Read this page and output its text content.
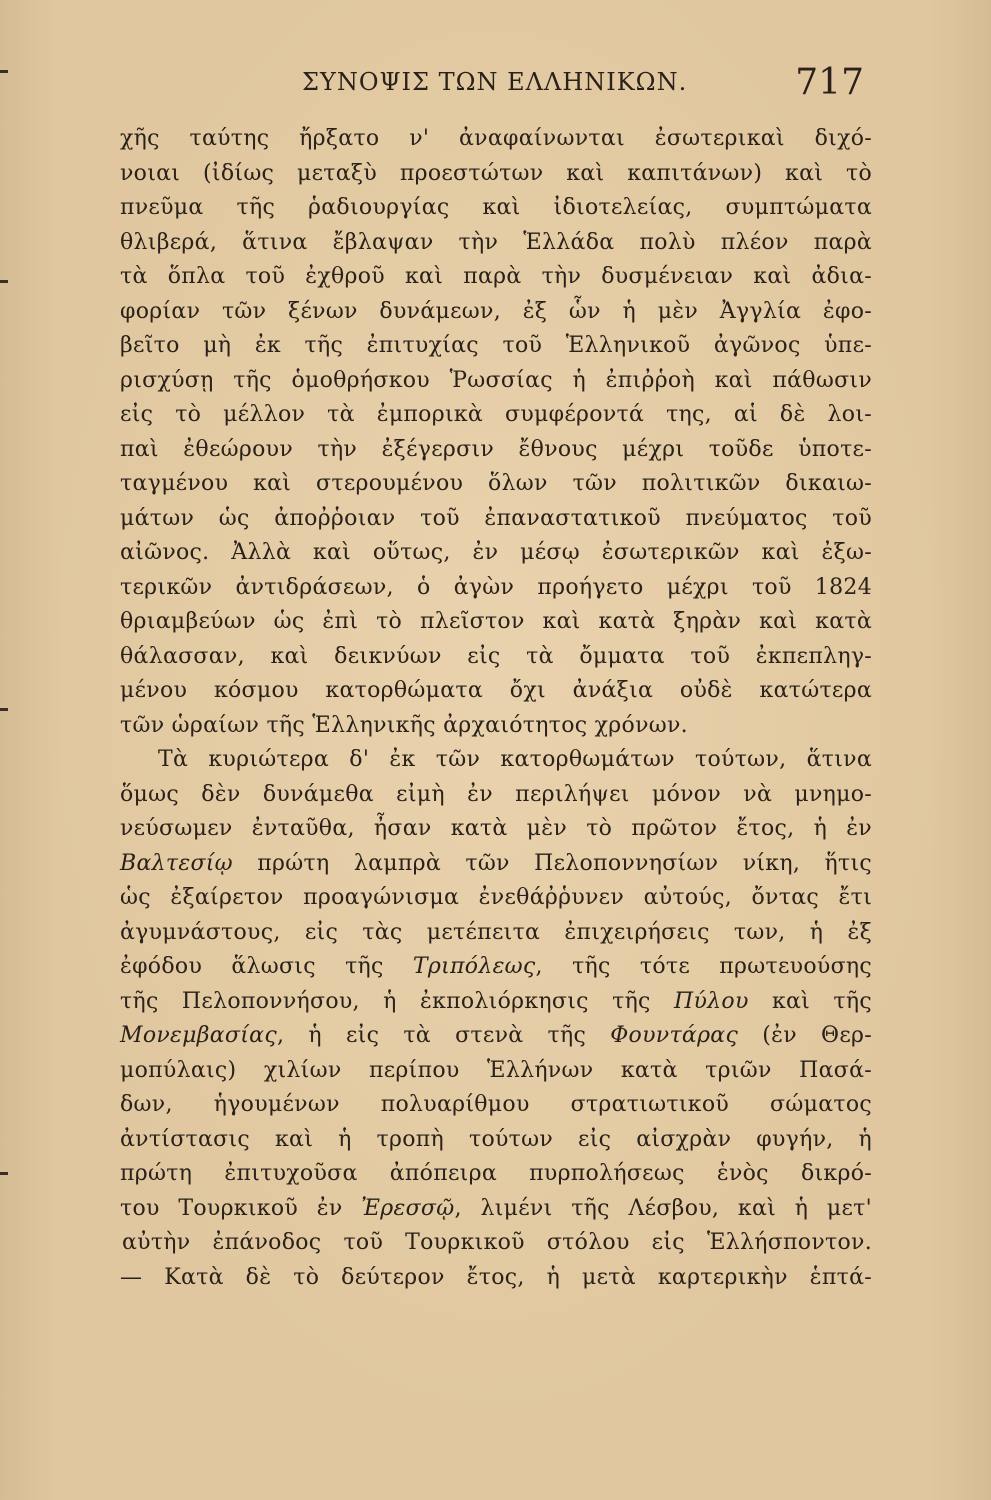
ΣΥΝΟΨΙΣ ΤΩΝ ΕΛΛΗΝΙΚΩΝ.	717
χῆς ταύτης ἤρξατο ν' ἀναφαίνωνται ἐσωτερικαὶ διχό-
νοιαι (ἰδίως μεταξὺ προεστώτων καὶ καπιτάνων) καὶ τὸ
πνεῦμα τῆς ῥαδιουργίας καὶ ἰδιοτελείας, συμπτώματα
θλιβερά, ἅτινα ἔβλαψαν τὴν Ἑλλάδα πολὺ πλέον παρὰ
τὰ ὅπλα τοῦ ἐχθροῦ καὶ παρὰ τὴν δυσμένειαν καὶ ἀδια-
φορίαν τῶν ξένων δυνάμεων, ἐξ ὧν ἡ μὲν Ἀγγλία ἐφο-
βεῖτο μὴ ἐκ τῆς ἐπιτυχίας τοῦ Ἑλληνικοῦ ἀγῶνος ὑπε-
ρισχύσῃ τῆς ὁμοθρήσκου Ῥωσσίας ἡ ἐπιῤῥοὴ καὶ πάθωσιν
εἰς τὸ μέλλον τὰ ἐμπορικὰ συμφέροντά της, αἱ δὲ λοι-
παὶ ἐθεώρουν τὴν ἐξέγερσιν ἔθνους μέχρι τοῦδε ὑποτε-
ταγμένου καὶ στερουμένου ὅλων τῶν πολιτικῶν δικαιω-
μάτων ὡς ἀποῤῥοιαν τοῦ ἐπαναστατικοῦ πνεύματος τοῦ
αἰῶνος. Ἀλλὰ καὶ οὕτως, ἐν μέσῳ ἐσωτερικῶν καὶ ἐξω-
τερικῶν ἀντιδράσεων, ὁ ἀγὼν προήγετο μέχρι τοῦ 1824
θριαμβεύων ὡς ἐπὶ τὸ πλεῖστον καὶ κατὰ ξηρὰν καὶ κατὰ
θάλασσαν, καὶ δεικνύων εἰς τὰ ὄμματα τοῦ ἐκπεπληγ-
μένου κόσμου κατορθώματα ὄχι ἀνάξια οὐδὲ κατώτερα
τῶν ὡραίων τῆς Ἑλληνικῆς ἀρχαιότητος χρόνων.
Τὰ κυριώτερα δ' ἐκ τῶν κατορθωμάτων τούτων, ἅτινα
ὅμως δὲν δυνάμεθα εἰμὴ ἐν περιλήψει μόνον νὰ μνημο-
νεύσωμεν ἐνταῦθα, ἦσαν κατὰ μὲν τὸ πρῶτον ἔτος, ἡ ἐν
Βαλτεσίῳ πρώτη λαμπρὰ τῶν Πελοποννησίων νίκη, ἥτις
ὡς ἐξαίρετον προαγώνισμα ἐνεθάῤῥυνεν αὐτούς, ὄντας ἔτι
ἀγυμνάστους, εἰς τὰς μετέπειτα ἐπιχειρήσεις των, ἡ ἐξ
ἐφόδου ἅλωσις τῆς Τριπόλεως, τῆς τότε πρωτευούσης
τῆς Πελοποννήσου, ἡ ἐκπολιόρκησις τῆς Πύλου καὶ τῆς
Μονεμβασίας, ἡ εἰς τὰ στενὰ τῆς Φουντάρας (ἐν Θερ-
μοπύλαις) χιλίων περίπου Ἑλλήνων κατὰ τριῶν Πασά-
δων, ἡγουμένων πολυαρίθμου στρατιωτικοῦ σώματος
ἀντίστασις καὶ ἡ τροπὴ τούτων εἰς αἰσχρὰν φυγήν, ἡ
πρώτη ἐπιτυχοῦσα ἀπόπειρα πυρπολήσεως ἑνὸς δικρό-
του Τουρκικοῦ ἐν Ἐρεσσῷ, λιμένι τῆς Λέσβου, καὶ ἡ μετ'
αὐτὴν ἐπάνοδος τοῦ Τουρκικοῦ στόλου εἰς Ἑλλήσποντον.
— Κατὰ δὲ τὸ δεύτερον ἔτος, ἡ μετὰ καρτερικὴν ἑπτά-
